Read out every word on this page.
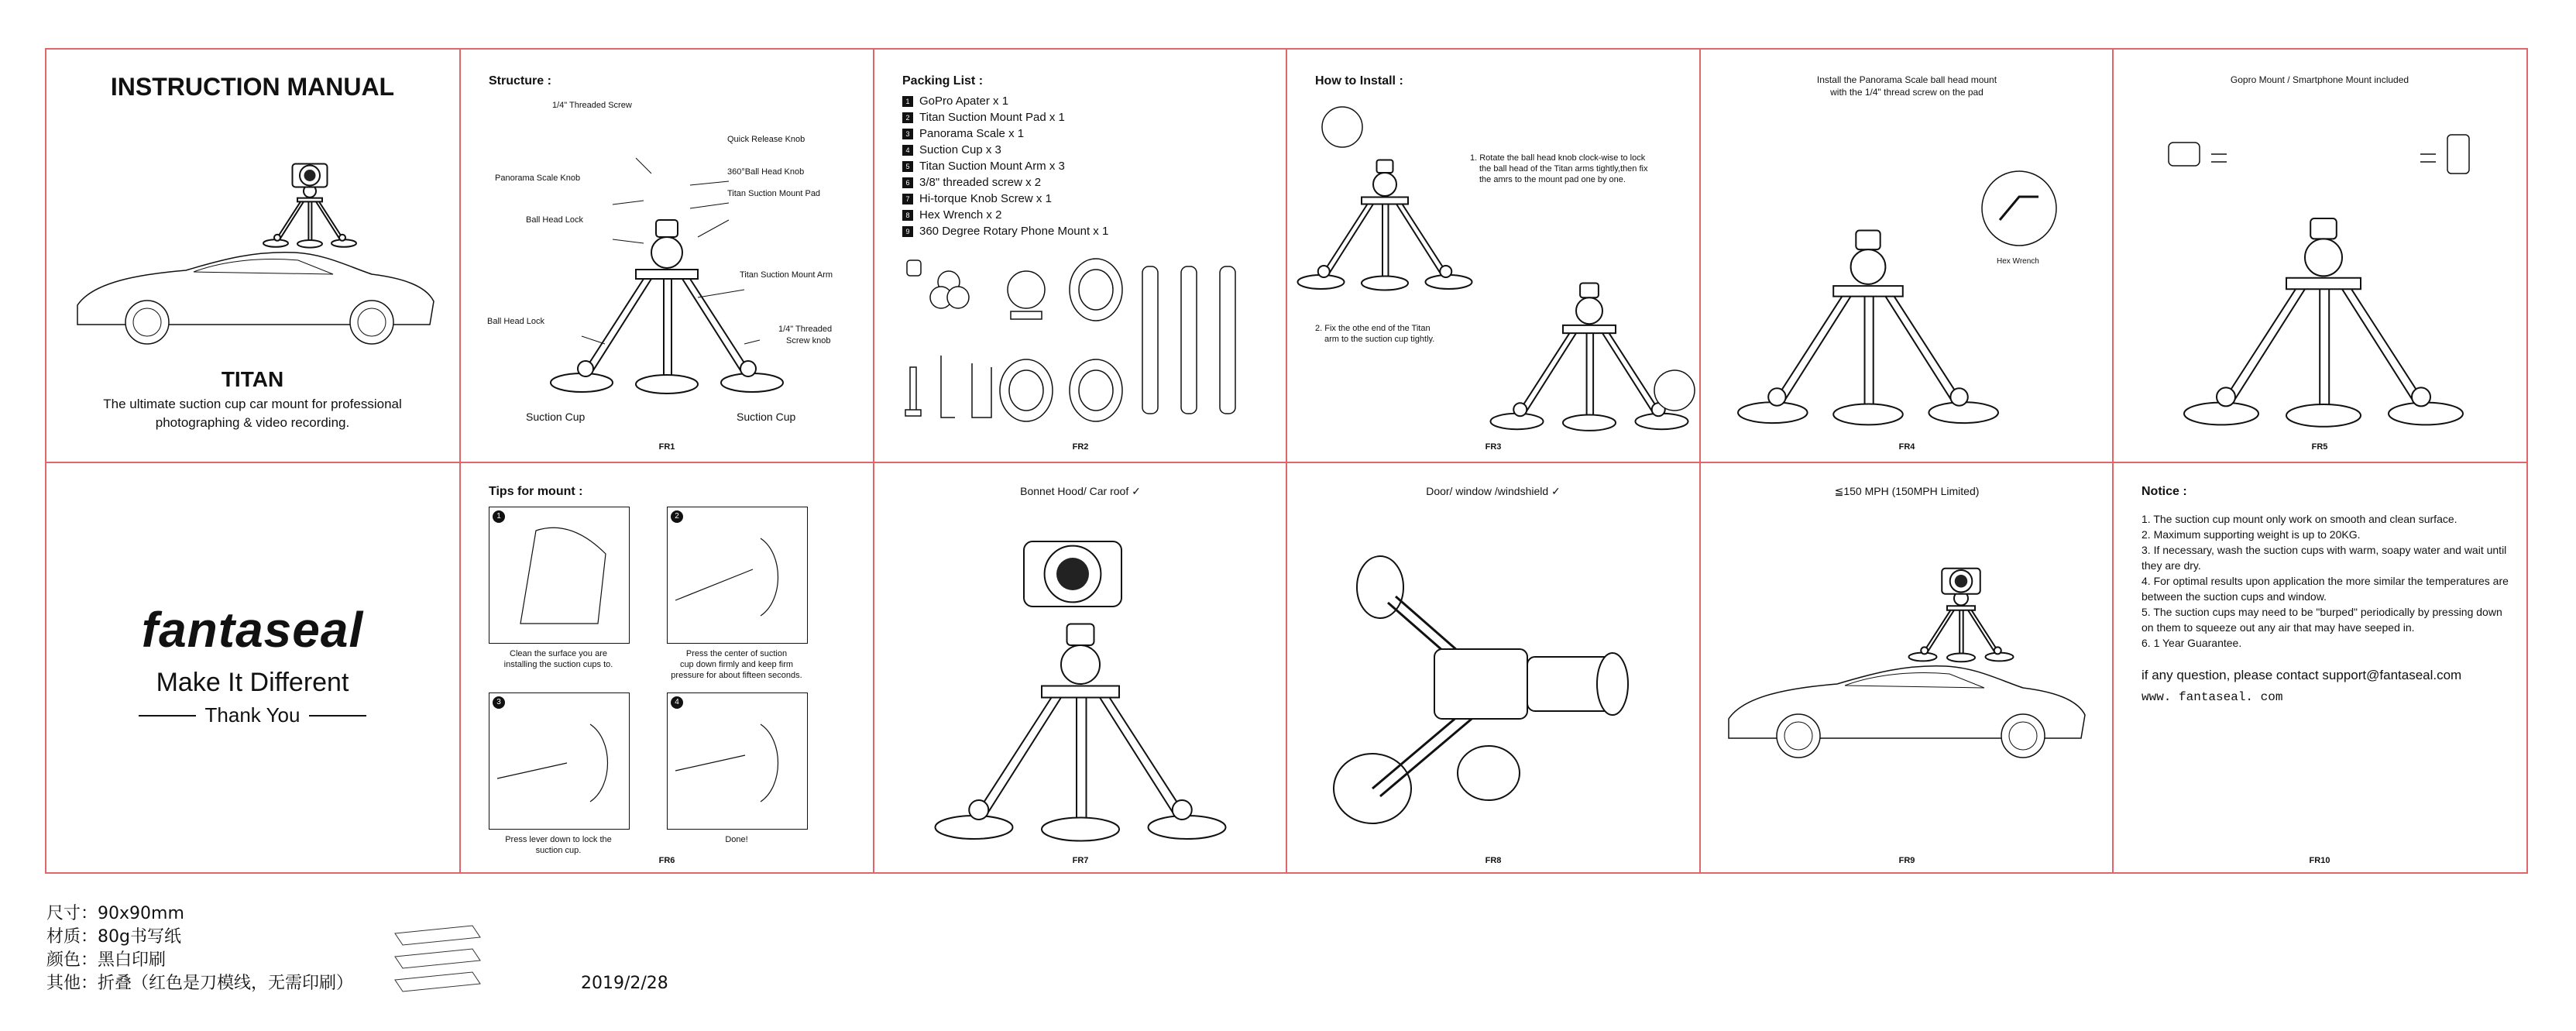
INSTRUCTION MANUAL
TITAN
The ultimate suction cup car mount for professional
photographing & video recording.
Structure :
1/4" Threaded Screw
Quick Release Knob
Panorama Scale Knob
360°Ball Head Knob
Titan Suction Mount Pad
Ball Head Lock
Titan Suction Mount Arm
Ball Head Lock
1/4" Threaded
Screw knob
Suction Cup	Suction Cup
FR1
Packing List :
1 GoPro Apater x 1
2 Titan Suction Mount Pad x 1
3 Panorama Scale x 1
4 Suction Cup x 3
5 Titan Suction Mount Arm x 3
6 3/8" threaded screw x 2
7 Hi-torque Knob Screw x 1
8 Hex Wrench x 2
9 360 Degree Rotary Phone Mount x 1
FR2
How to Install :
1. Rotate the ball head knob clock-wise to lock
the ball head of the Titan arms tightly,then fix
the amrs to the mount pad one by one.
2. Fix the othe end of the Titan
arm to the suction cup tightly.
FR3
Install the Panorama Scale ball head mount
with the 1/4" thread screw on the pad
Hex Wrench
FR4
Gopro Mount / Smartphone Mount included
FR5
fantaseal
Make It Different
Thank You
Tips for mount :
1
Clean the surface you are
installing the suction cups to.
2
Press the center of suction
cup down firmly and keep firm
pressure for about fifteen seconds.
3
Press lever down to lock the
suction cup.
4
Done!
FR6
Bonnet Hood/ Car roof ✓
FR7
Door/ window /windshield ✓
FR8
≦150 MPH (150MPH Limited)
FR9
Notice :
1. The suction cup mount only work on smooth and clean surface.
2. Maximum supporting weight is up to 20KG.
3. If necessary, wash the suction cups with warm, soapy water and wait until they are dry.
4. For optimal results upon application the more similar the temperatures are between the suction cups and window.
5. The suction cups may need to be "burped" periodically by pressing down on them to squeeze out any air that may have seeped in.
6. 1 Year Guarantee.
if any question, please contact support@fantaseal.com
www. fantaseal. com
FR10
尺寸：90x90mm
材质：80g书写纸
颜色：黑白印刷
其他：折叠（红色是刀模线，无需印刷）	2019/2/28
